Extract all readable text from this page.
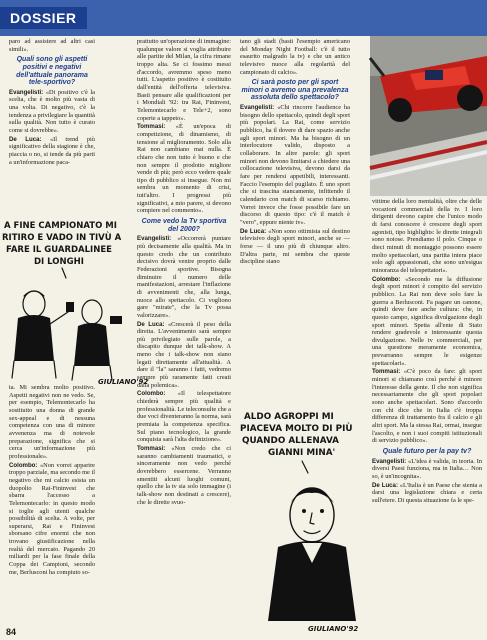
DOSSIER

paro ad assistere ad altri casi simili».

Quali sono gli aspetti positivi e negativi dell'attuale panorama tele-sportivo?

Evangelisti: «Di positivo c'è la scelta, che è molto più vasta di una volta. Di negativo, c'è la tendenza a privilegiare la quantità sulla qualità. Non tutto è curato come si dovrebbe».

De Luca: «Il trend più significativo della stagione è che, piaccia o no, si tende da più parti a un'informazione paca-

A FINE CAMPIONATO MI
RITIRO E VADO IN TIVÙ A
FARE IL GUARDALINEE
DI LONGHI
GIULIANO'92

ta. Mi sembra molto positivo. Aspetti negativi non ne vedo. Se, per esempio, Telemontecarlo ha sostituito una donna di grande sex-appeal e di nessuna competenza con una di minore avvenenza ma di notevole preparazione, significa che si cerca un'informazione più professionale».

Colombo: «Non vorrei apparire troppo parziale, ma secondo me il negativo che mi calcio esista un duopolio Rai-Fininvest che sbarra l'accesso a Telemontecarlo: in questo modo si toglie agli utenti qualche possibilità di scelta. A volte, per superarsi, Rai e Fininvest sborsano cifre enormi che non trovano giustificazione nella realtà del mercato. Pagando 20 miliardi per la fase finale della Coppa dei Campioni, secondo me, Berlusconi ha compiuto so-

prattutto un'operazione di immagine: qualunque valore si voglia attribuire alle partite del Milan, la cifra rimane troppo alta. Se ci fossimo messi d'accordo, avremmo speso meno tutti. L'aspetto positivo è costituito dall'entità dell'offerta televisiva. Basti pensare alle qualificazioni per i Mondiali '92: tra Rai, Fininvest, Telemontecarlo e Tele+2, sono coperte a tappeto».

Tommasi: «È un'epoca di competizione, di dinamismo, di tensione al miglioramento. Solo alla Rai non cambiano mai nulla. È chiaro che non tutto è buono e che non sempre il prodotto migliore vende di più; però ecco vedere quale tipo di pubblico si insegue. Non mi sembra un momento di crisi, tutt'altro. I progressi più significativi, a mio parere, si devono compiere nel commento».

Come vedo la Tv sportiva del 2000?

Evangelisti: «Occorrerà puntare più decisamente alla qualità. Ma in questo credo che un contributo decisivo dovrà venire proprio dalle Federazioni sportive. Bisogna diminuire il numero delle manifestazioni, arrestare l'inflazione di avvenimenti che, alla lunga, nuoce allo spettacolo. Ci vogliono gare "mirate", che la Tv possa valorizzare».

De Luca: «Crescerà il peso della diretta. L'avvenimento sarà sempre più privilegiato sulle parole, a discapito dunque dei talk-show. A meno che i talk-show non siano legati direttamente all'attualità. A dare il "la" saranno i fatti, vedremo sempre più raramente fatti creati dalla polemica».

Colombo: «Il telespettatore chiederà sempre più qualità e professionalità. Le teleconsulte che a due voci diventeranno la norma, sarà premiata la competenza specifica. Sul piano tecnologico, la grande conquista sarà l'alta definizione».

Tommasi: «Non credo che ci saranno cambiamenti traumatici, e sinceramente non vedo perché dovrebbero essercene. Verranno smentiti alcuni luoghi comuni, quello che la tv sia solo immagine (i talk-show non destinati a crescere), che le dirette svuo-

tano gli stadi (basti l'esempio americano del Monday Night Football: c'è il tutto esaurito malgrado la tv) e che un antico televisivo nuoce alla regolarità del campionato di calcio».

Ci sarà posto per gli sport minori o avremo una prevalenza assoluta dello spettacolo?

Evangelisti: «Chi rincorre l'audience ha bisogno dello spettacolo, quindi degli sport più popolari. La Rai, come servizio pubblico, ha il dovere di dare spazio anche agli sport minori. Ma ha bisogno di un interlocutore valido, disposto a collaborare. In altre parole: gli sport minori non devono limitarsi a chiedere una collocazione televisiva, devono darsi da fare per rendersi appetibili, interessanti. Faccio l'esempio del pugilato. È uno sport che si trascina stancamente, infittendo il calendario con match di scarso richiamo. Vorrei invece che fosse possibile fare un discorso di questo tipo: c'è il match è "vero", eppure niente tv».

De Luca: «Non sono ottimista sul destino televisivo degli sport minori, anche se — forse — il uno più di chiunque altro. D'altra parte, mi sembra che queste discipline siano

ALDO AGROPPI MI
PIACEVA MOLTO DI PIÙ
QUANDO ALLENAVA
GIANNI MINA'
GIULIANO'92

vittime della loro mentalità, oltre che delle vocazioni commerciali della tv. I loro dirigenti devono capire che l'unico modo di farsi conoscere è crescere degli sport agonisti, tipo highlights: le dirette integrali sono noiose. Prendiamo il polo. Cinque o dieci minuti di montaggio possono essere molto spettacolari, una partita intera piace solo agli appassionati, che sono un'esigua minoranza del telespettatori».

Colombo: «Secondo me la diffusione degli sport minori è compito del servizio pubblico. La Rai non deve solo fare la guerra a Berlusconi. Fa pagare un canone, quindi deve fare anche cultura: che, in questo campo, significa divulgazione degli sport minori. Spetta all'ente di Stato rendere gradevole e interessante questa divulgazione. Nelle tv commerciali, per una questione meramente economica, prevarranno sempre le esigenze spettacolari».

Tommasi: «C'è poco da fare: gli sport minori si chiamano così perché è minore l'interesse della gente. Il che non significa necessariamente che gli sport popolari sono anche spettacolari. Sono d'accordo con chi dice che in Italia c'è troppa differenza di trattamento fra il calcio e gli altri sport. Ma la stessa Rai, ormai, insegue l'ascolto, e non i suoi compiti istituzionali di servizio pubblico».

Quale futuro per la pay tv?

Evangelisti: «L'idea è valida, in teoria. In diversi Paesi funziona, ma in Italia… Non so, è un'incognita».

De Luca: «L'Italia è un Paese che stenta a darsi una legislazione chiara e certa sull'etere. Di questa situazione fa le spe-

84
